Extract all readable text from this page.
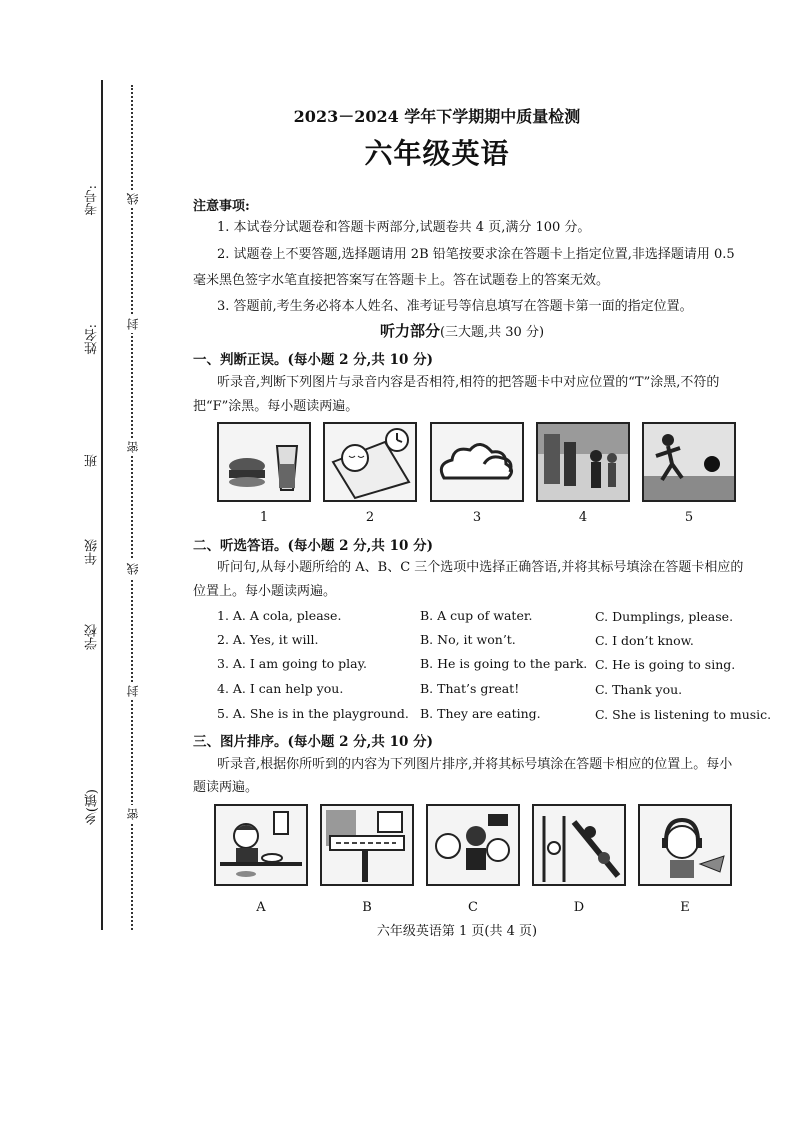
考号:
姓名:
班
年级
学校
乡(镇)
线
封
密
线
封
密
2023－2024 学年下学期期中质量检测
六年级英语
注意事项:
1. 本试卷分试题卷和答题卡两部分,试题卷共 4 页,满分 100 分。
2. 试题卷上不要答题,选择题请用 2B 铅笔按要求涂在答题卡上指定位置,非选择题请用 0.5
毫米黑色签字水笔直接把答案写在答题卡上。答在试题卷上的答案无效。
3. 答题前,考生务必将本人姓名、准考证号等信息填写在答题卡第一面的指定位置。
听力部分(三大题,共 30 分)
一、判断正误。(每小题 2 分,共 10 分)
听录音,判断下列图片与录音内容是否相符,相符的把答题卡中对应位置的“T”涂黑,不符的
把“F”涂黑。每小题读两遍。
1	2	3	4	5
二、听选答语。(每小题 2 分,共 10 分)
听问句,从每小题所给的 A、B、C 三个选项中选择正确答语,并将其标号填涂在答题卡相应的
位置上。每小题读两遍。
1. A. A cola, please.	B. A cup of water.	C. Dumplings, please.
2. A. Yes, it will.	B. No, it won’t.	C. I don’t know.
3. A. I am going to play.	B. He is going to the park. C. He is going to sing.
4. A. I can help you.	B. That’s great!	C. Thank you.
5. A. She is in the playground. B. They are eating.	C. She is listening to music.
三、图片排序。(每小题 2 分,共 10 分)
听录音,根据你所听到的内容为下列图片排序,并将其标号填涂在答题卡相应的位置上。每小
题读两遍。
A	B	C	D	E
六年级英语第 1 页(共 4 页)
